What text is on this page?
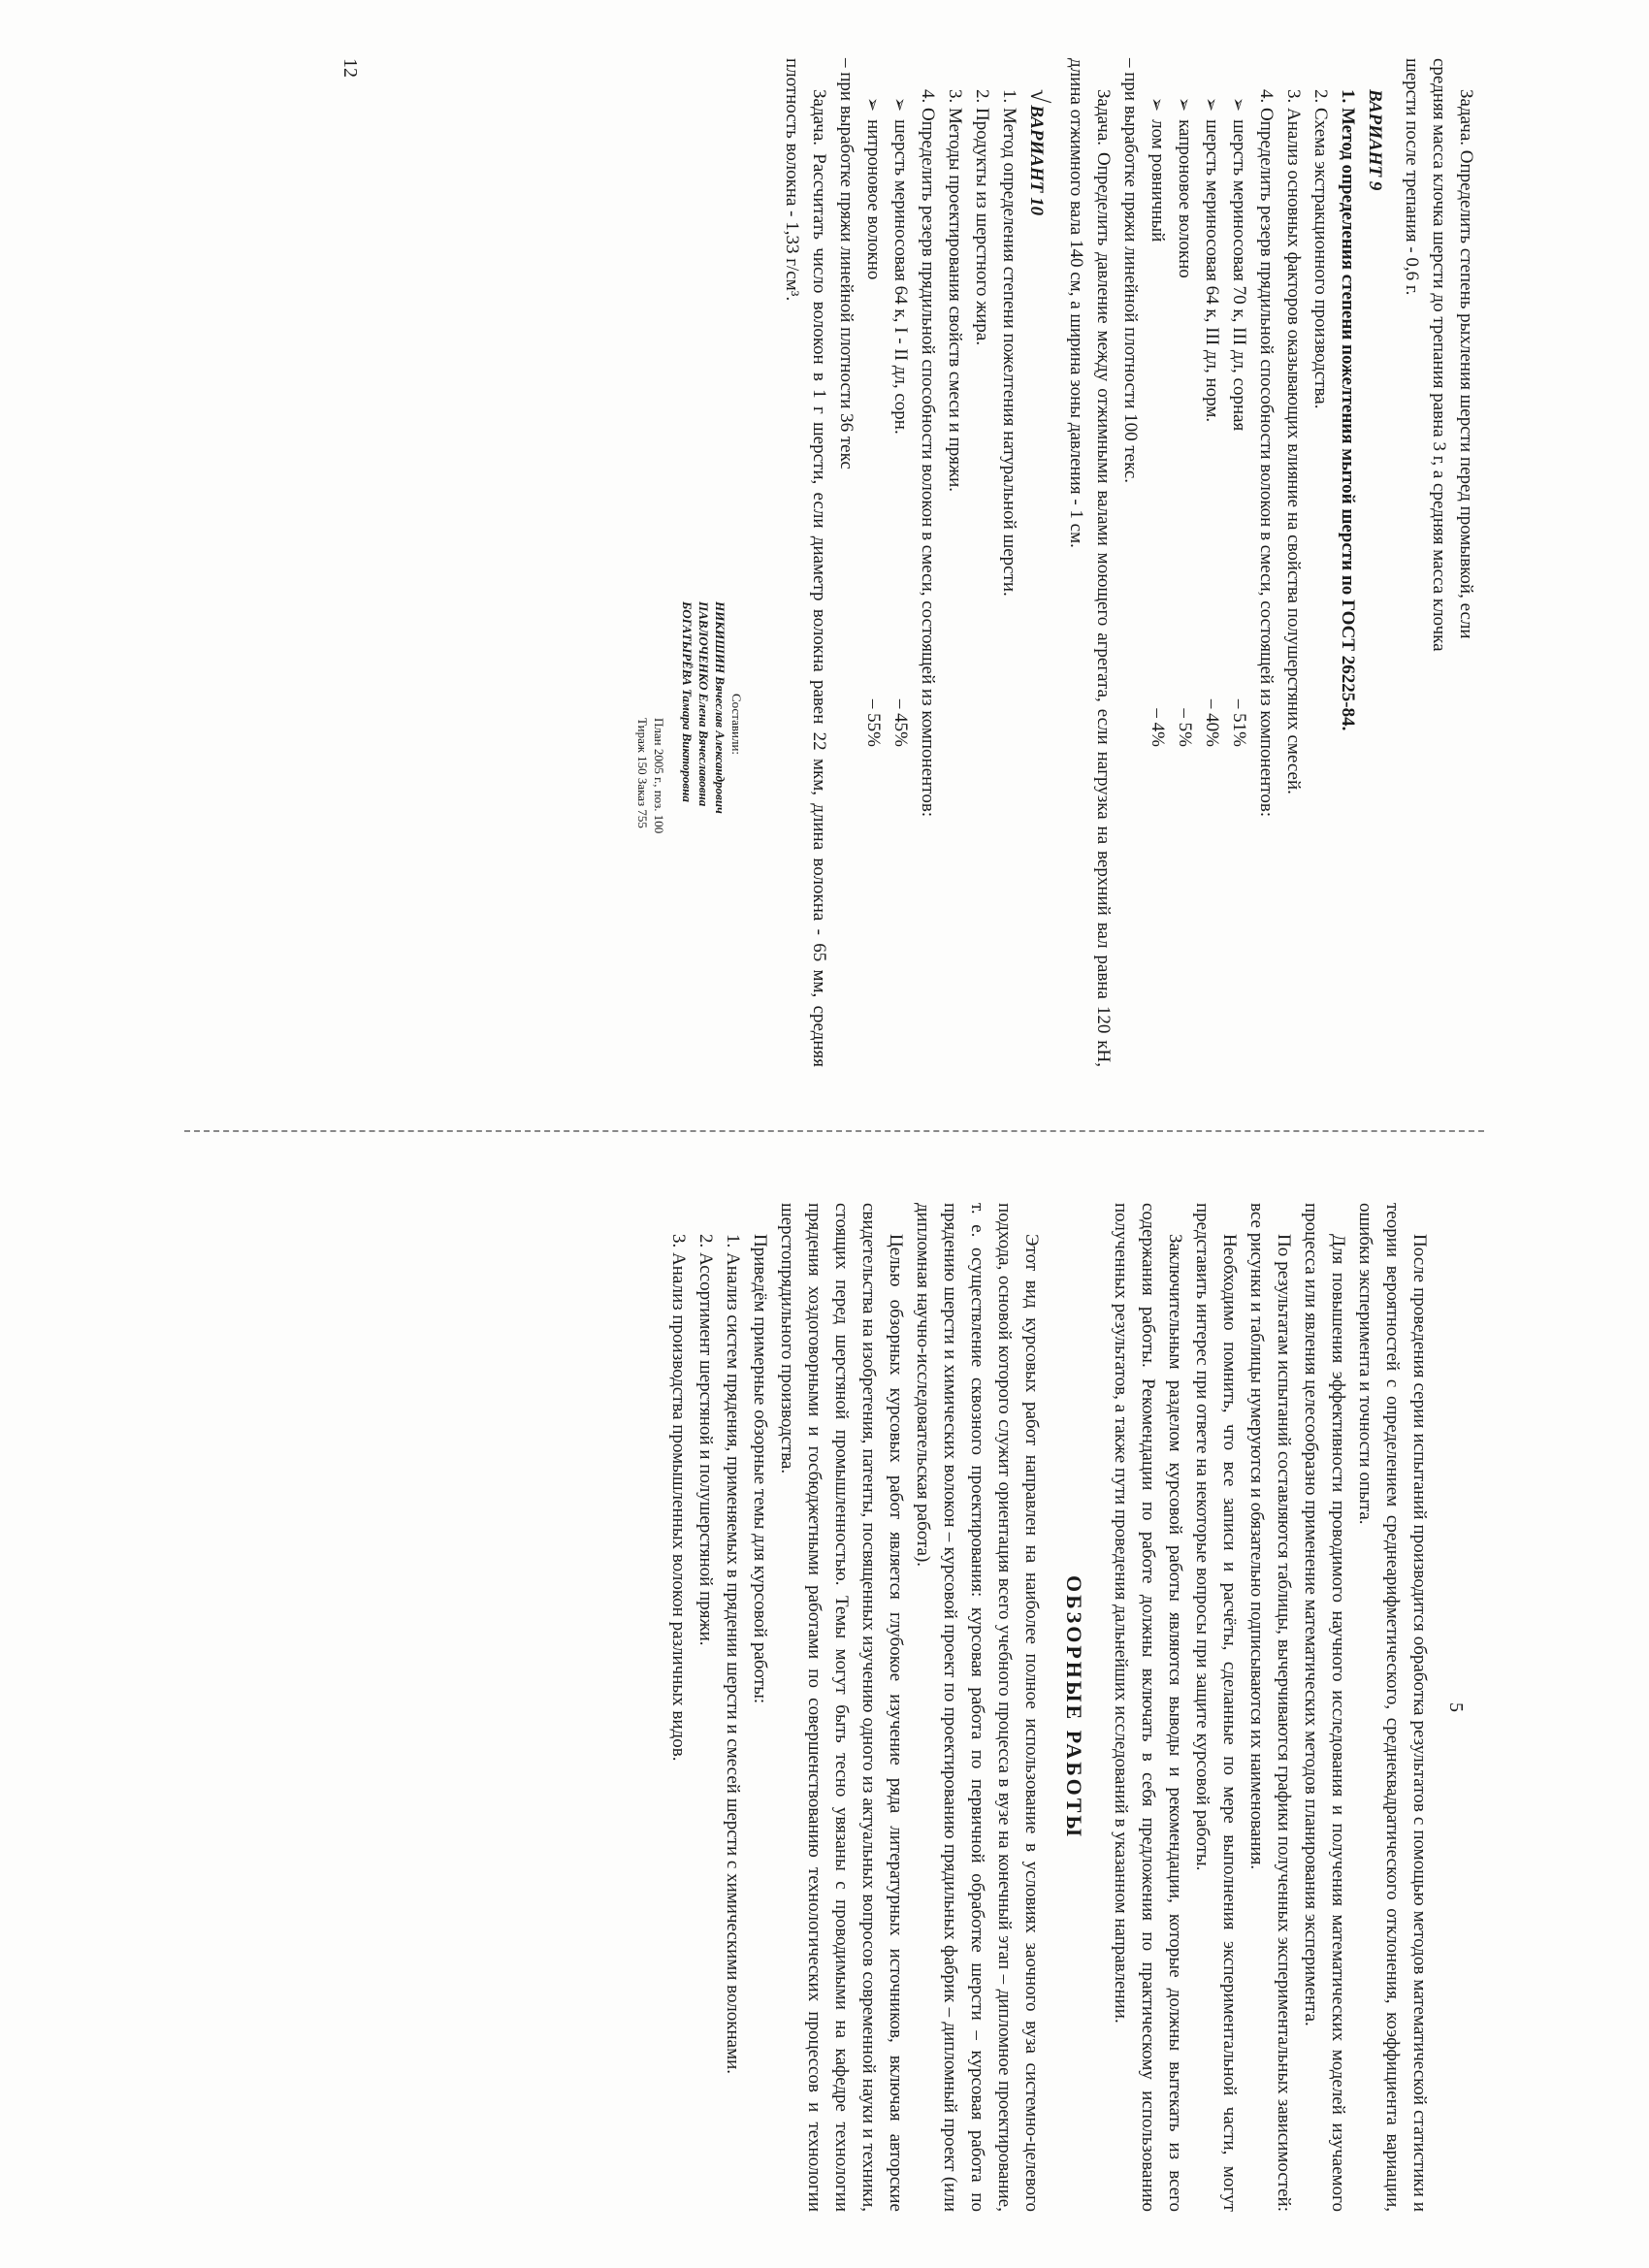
Задача. Определить степень рыхления шерсти перед промывкой, если

средняя масса клочка шерсти до трепания равна 3 г, а средняя масса клочка

шерсти после трепания - 0,6 г.

ВАРИАНТ 9

1. Метод определения степени пожелтения мытой шерсти по ГОСТ 26225-84.

2. Схема экстракционного производства.

3. Анализ основных факторов оказывающих влияние на свойства полушерстяних смесей.

4. Определить резерв прядильной способности волокон в смеси, состоящей из компонентов:

➢
шерсть мериносовая 70 к, III дл, сорная
– 51%
➢
шерсть мериносовая 64 к, III дл, норм.
– 40%
➢
капроновое волокно
– 5%
➢
лом ровничный
– 4%

– при выработке пряжи линейной плотности 100 текс.

Задача. Определить давление между отжимными валами моющего агрегата, если нагрузка на верхний вал равна 120 кН, длина отжимного вала 140 см, а ширина зоны давления - 1 см.

√ВАРИАНТ 10

1. Метод определения степени пожелтения натуральной шерсти.

2. Продукты из шерстного жира.

3. Методы проектирования свойств смеси и пряжи.

4. Определить резерв прядильной способности волокон в смеси, состоящей из компонентов:

➢
шерсть мериносовая 64 к, I - II дл, сорн.
– 45%
➢
нитроновое волокно
– 55%

– при выработке пряжи линейной плотности 36 текс

Задача. Рассчитать число волокон в 1 г шерсти, если диаметр волокна равен 22 мкм, длина волокна - 65 мм, средняя плотность волокна - 1,33 г/см³.

Составили:
НИКИШИН Вячеслав Александрович
ПАВЛОЧЕНКО Елена Вячеславовна
БОГАТЫРЁВА Тамара Викторовна
План 2005 г., поз. 100
Тираж 150 Заказ 755
12
5

После проведения серии испытаний производится обработка результатов с помощью методов математической статистики и теории вероятностей с определением среднеарифметического, среднеквадратического отклонения, коэффициента вариации, ошибки эксперимента и точности опыта.

Для повышения эффективности проводимого научного исследования и получения математических моделей изучаемого процесса или явления целесообразно применение математических методов планирования эксперимента.

По результатам испытаний составляются таблицы, вычерчиваются графики полученных экспериментальных зависимостей: все рисунки и таблицы нумеруются и обязательно подписываются их наименования.

Необходимо помнить, что все записи и расчёты, сделанные по мере выполнения экспериментальной части, могут представить интерес при ответе на некоторые вопросы при защите курсовой работы.

Заключительным разделом курсовой работы являются выводы и рекомендации, которые должны вытекать из всего содержания работы. Рекомендации по работе должны включать в себя предложения по практическому использованию полученных результатов, а также пути проведения дальнейших исследований в указанном направлении.

ОБЗОРНЫЕ РАБОТЫ

Этот вид курсовых работ направлен на наиболее полное использование в условиях заочного вуза системно-целевого подхода, основой которого служит ориентация всего учебного процесса в вузе на конечный этап – дипломное проектирование, т. е. осуществление сквозного проектирования: курсовая работа по первичной обработке шерсти – курсовая работа по прядению шерсти и химических волокон – курсовой проект по проектированию прядильных фабрик – дипломный проект (или дипломная научно-исследовательская работа).

Целью обзорных курсовых работ является глубокое изучение ряда литературных источников, включая авторские свидетельства на изобретения, патенты, посвященных изучению одного из актуальных вопросов современной науки и техники, стоящих перед шерстяной промышленностью. Темы могут быть тесно увязаны с проводимыми на кафедре технологии прядения хоздоговорными и госбюджетными работами по совершенствованию технологических процессов и технологии шерстопрядильного производства.

Приведём примерные обзорные темы для курсовой работы:

1. Анализ систем прядения, применяемых в прядении шерсти и смесей шерсти с химическими волокнами.

2. Ассортимент шерстяной и полушерстяной пряжи.

3. Анализ производства промышленных волокон различных видов.
